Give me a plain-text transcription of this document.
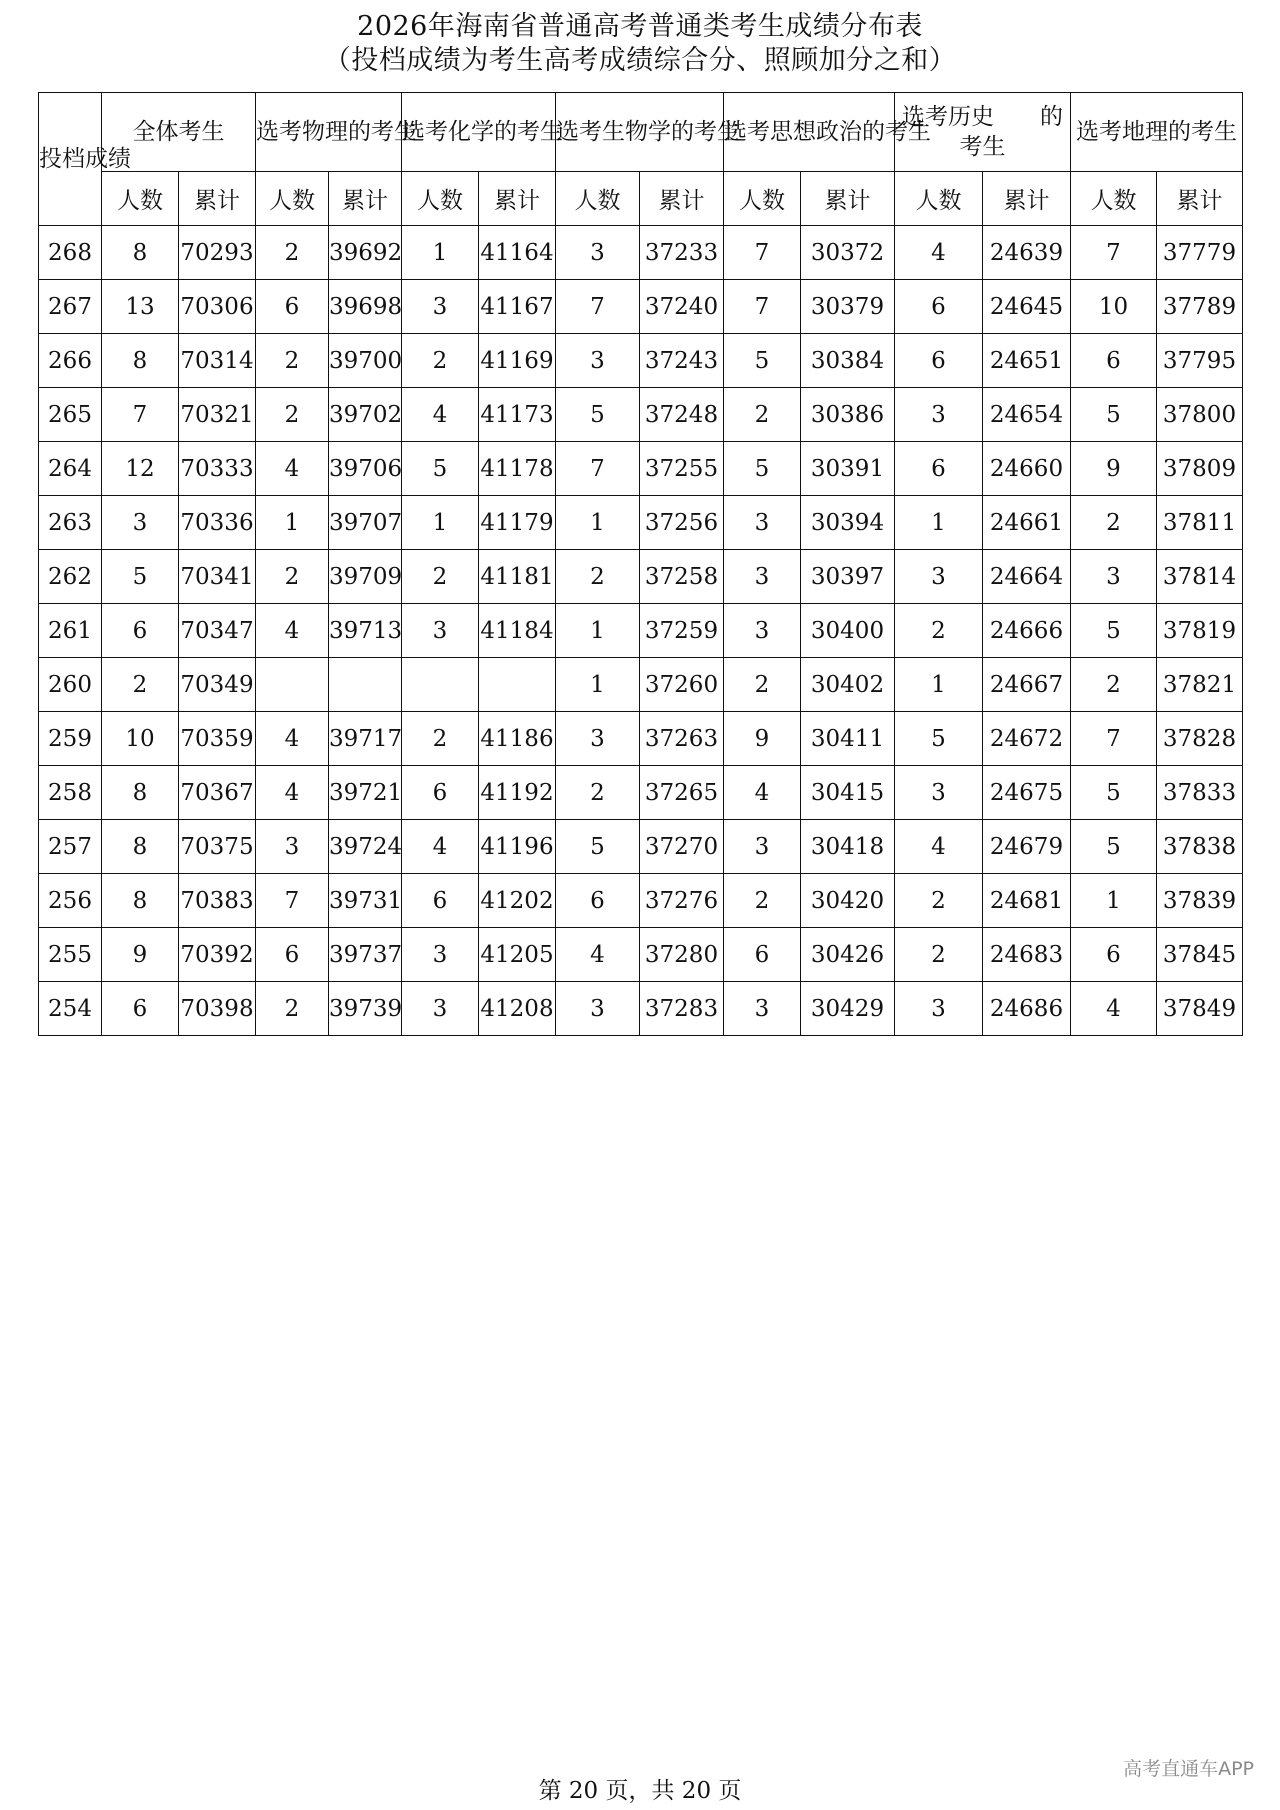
2026年海南省普通高考普通类考生成绩分布表
（投档成绩为考生高考成绩综合分、照顾加分之和）
投档成绩	全体考生		选考物理的考生		选考化学的考生		选考生物学的考生		选考思想政治的考生		选考历史　　的考生		选考地理的考生	
	人数	累计	人数	累计	人数	累计	人数	累计	人数	累计	人数	累计	人数	累计
268	8	70293	2	39692	1	41164	3	37233	7	30372	4	24639	7	37779
267	13	70306	6	39698	3	41167	7	37240	7	30379	6	24645	10	37789
266	8	70314	2	39700	2	41169	3	37243	5	30384	6	24651	6	37795
265	7	70321	2	39702	4	41173	5	37248	2	30386	3	24654	5	37800
264	12	70333	4	39706	5	41178	7	37255	5	30391	6	24660	9	37809
263	3	70336	1	39707	1	41179	1	37256	3	30394	1	24661	2	37811
262	5	70341	2	39709	2	41181	2	37258	3	30397	3	24664	3	37814
261	6	70347	4	39713	3	41184	1	37259	3	30400	2	24666	5	37819
260	2	70349					1	37260	2	30402	1	24667	2	37821
259	10	70359	4	39717	2	41186	3	37263	9	30411	5	24672	7	37828
258	8	70367	4	39721	6	41192	2	37265	4	30415	3	24675	5	37833
257	8	70375	3	39724	4	41196	5	37270	3	30418	4	24679	5	37838
256	8	70383	7	39731	6	41202	6	37276	2	30420	2	24681	1	37839
255	9	70392	6	39737	3	41205	4	37280	6	30426	2	24683	6	37845
254	6	70398	2	39739	3	41208	3	37283	3	30429	3	24686	4	37849
第 20 页，共 20 页
高考直通车APP
